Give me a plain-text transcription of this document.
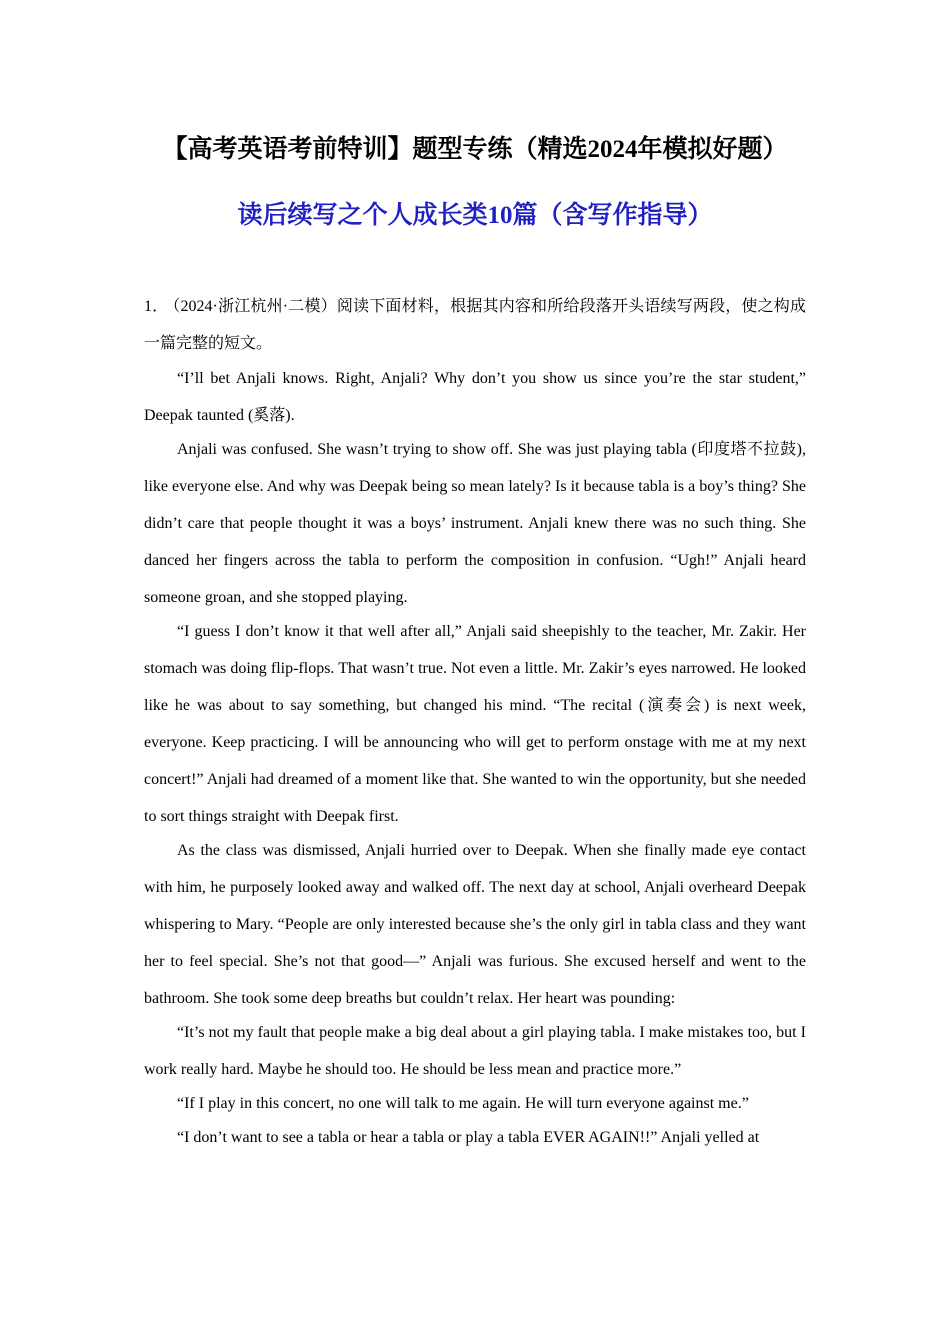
【高考英语考前特训】题型专练（精选2024年模拟好题）
读后续写之个人成长类10篇（含写作指导）

1． （2024·浙江杭州·二模）阅读下面材料，根据其内容和所给段落开头语续写两段，使之构成一篇完整的短文。

“I’ll bet Anjali knows. Right, Anjali? Why don’t you show us since you’re the star student,” Deepak taunted (奚落).

Anjali was confused. She wasn’t trying to show off. She was just playing tabla (印度塔不拉鼓), like everyone else. And why was Deepak being so mean lately? Is it because tabla is a boy’s thing? She didn’t care that people thought it was a boys’ instrument. Anjali knew there was no such thing. She danced her fingers across the tabla to perform the composition in confusion. “Ugh!” Anjali heard someone groan, and she stopped playing.

“I guess I don’t know it that well after all,” Anjali said sheepishly to the teacher, Mr. Zakir. Her stomach was doing flip-flops. That wasn’t true. Not even a little. Mr. Zakir’s eyes narrowed. He looked like he was about to say something, but changed his mind. “The recital (演奏会) is next week, everyone. Keep practicing. I will be announcing who will get to perform onstage with me at my next concert!” Anjali had dreamed of a moment like that. She wanted to win the opportunity, but she needed to sort things straight with Deepak first.

As the class was dismissed, Anjali hurried over to Deepak. When she finally made eye contact with him, he purposely looked away and walked off. The next day at school, Anjali overheard Deepak whispering to Mary. “People are only interested because she’s the only girl in tabla class and they want her to feel special. She’s not that good—” Anjali was furious. She excused herself and went to the bathroom. She took some deep breaths but couldn’t relax. Her heart was pounding:

“It’s not my fault that people make a big deal about a girl playing tabla. I make mistakes too, but I work really hard. Maybe he should too. He should be less mean and practice more.”

“If I play in this concert, no one will talk to me again. He will turn everyone against me.”

“I don’t want to see a tabla or hear a tabla or play a tabla EVER AGAIN!!” Anjali yelled at
